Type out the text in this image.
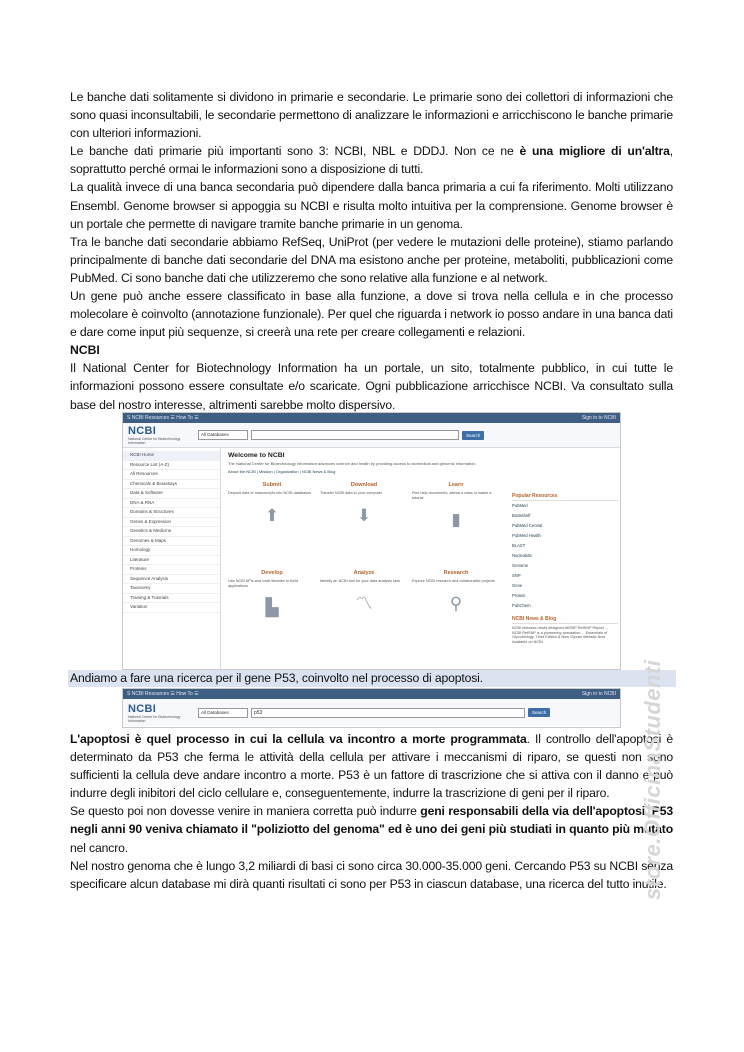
Le banche dati solitamente si dividono in primarie e secondarie. Le primarie sono dei collettori di informazioni che sono quasi inconsultabili, le secondarie permettono di analizzare le informazioni e arricchiscono le banche primarie con ulteriori informazioni.

Le banche dati primarie più importanti sono 3: NCBI, NBL e DDDJ. Non ce ne è una migliore di un'altra, soprattutto perché ormai le informazioni sono a disposizione di tutti.

La qualità invece di una banca secondaria può dipendere dalla banca primaria a cui fa riferimento. Molti utilizzano Ensembl. Genome browser si appoggia su NCBI e risulta molto intuitiva per la comprensione. Genome browser è un portale che permette di navigare tramite banche primarie in un genoma.

Tra le banche dati secondarie abbiamo RefSeq, UniProt (per vedere le mutazioni delle proteine), stiamo parlando principalmente di banche dati secondarie del DNA ma esistono anche per proteine, metaboliti, pubblicazioni come PubMed. Ci sono banche dati che utilizzeremo che sono relative alla funzione e al network.

Un gene può anche essere classificato in base alla funzione, a dove si trova nella cellula e in che processo molecolare è coinvolto (annotazione funzionale). Per quel che riguarda i network io posso andare in una banca dati e dare come input più sequenze, si creerà una rete per creare collegamenti e relazioni.

NCBI

Il National Center for Biotechnology Information ha un portale, un sito, totalmente pubblico, in cui tutte le informazioni possono essere consultate e/o scaricate. Ogni pubblicazione arricchisce NCBI. Va consultato sulla base del nostro interesse, altrimenti sarebbe molto dispersivo.

S NCBI Resources ☰ How To ☰	Sign in to NCBI
NCBI
National Center for Biotechnology Information
All Databases	Search
NCBI Home
Resource List (A-Z)
All Resources
Chemicals & Bioassays
Data & Software
DNA & RNA
Domains & Structures
Genes & Expression
Genetics & Medicine
Genomes & Maps
Homology
Literature
Proteins
Sequence Analysis
Taxonomy
Training & Tutorials
Variation
Welcome to NCBI
The National Center for Biotechnology Information advances science and health by providing access to biomedical and genomic information.
About the NCBI | Mission | Organization | NCBI News & Blog
Submit
Deposit data or manuscripts into NCBI databases
⬆
Download
Transfer NCBI data to your computer
⬇
Learn
Find help documents, attend a class or watch a tutorial
▮
Develop
Use NCBI APIs and code libraries to build applications
▙
Analyze
Identify an NCBI tool for your data analysis task
〽
Research
Explore NCBI research and collaborative projects
⚲
Popular Resources
PubMed
Bookshelf
PubMed Central
PubMed Health
BLAST
Nucleotide
Genome
SNP
Gene
Protein
PubChem
NCBI News & Blog
NCBI releases newly designed dbSNP RefSNP Report ... NCBI RefSNP is a pioneering annotation ... Essentials of Glycobiology, Third Edition & New Glycan Website Now Available on NCBI
Andiamo a fare una ricerca per il gene P53, coinvolto nel processo di apoptosi.
S NCBI Resources ☰ How To ☰	Sign in to NCBI
NCBI
National Center for Biotechnology Information
All Databases	p53	Search

L'apoptosi è quel processo in cui la cellula va incontro a morte programmata. Il controllo dell'apoptosi è determinato da P53 che ferma le attività della cellula per attivare i meccanismi di riparo, se questi non sono sufficienti la cellula deve andare incontro a morte. P53 è un fattore di trascrizione che si attiva con il danno e può indurre degli inibitori del ciclo cellulare e, conseguentemente, indurre la trascrizione di geni per il riparo.

Se questo poi non dovesse venire in maniera corretta può indurre geni responsabili della via dell'apoptosi. P53 negli anni 90 veniva chiamato il "poliziotto del genoma" ed è uno dei geni più studiati in quanto più mutato nel cancro.

Nel nostro genoma che è lungo 3,2 miliardi di basi ci sono circa 30.000-35.000 geni. Cercando P53 su NCBI senza specificare alcun database mi dirà quanti risultati ci sono per P53 in ciascun database, una ricerca del tutto inutile.

store.OfficinaStudenti
